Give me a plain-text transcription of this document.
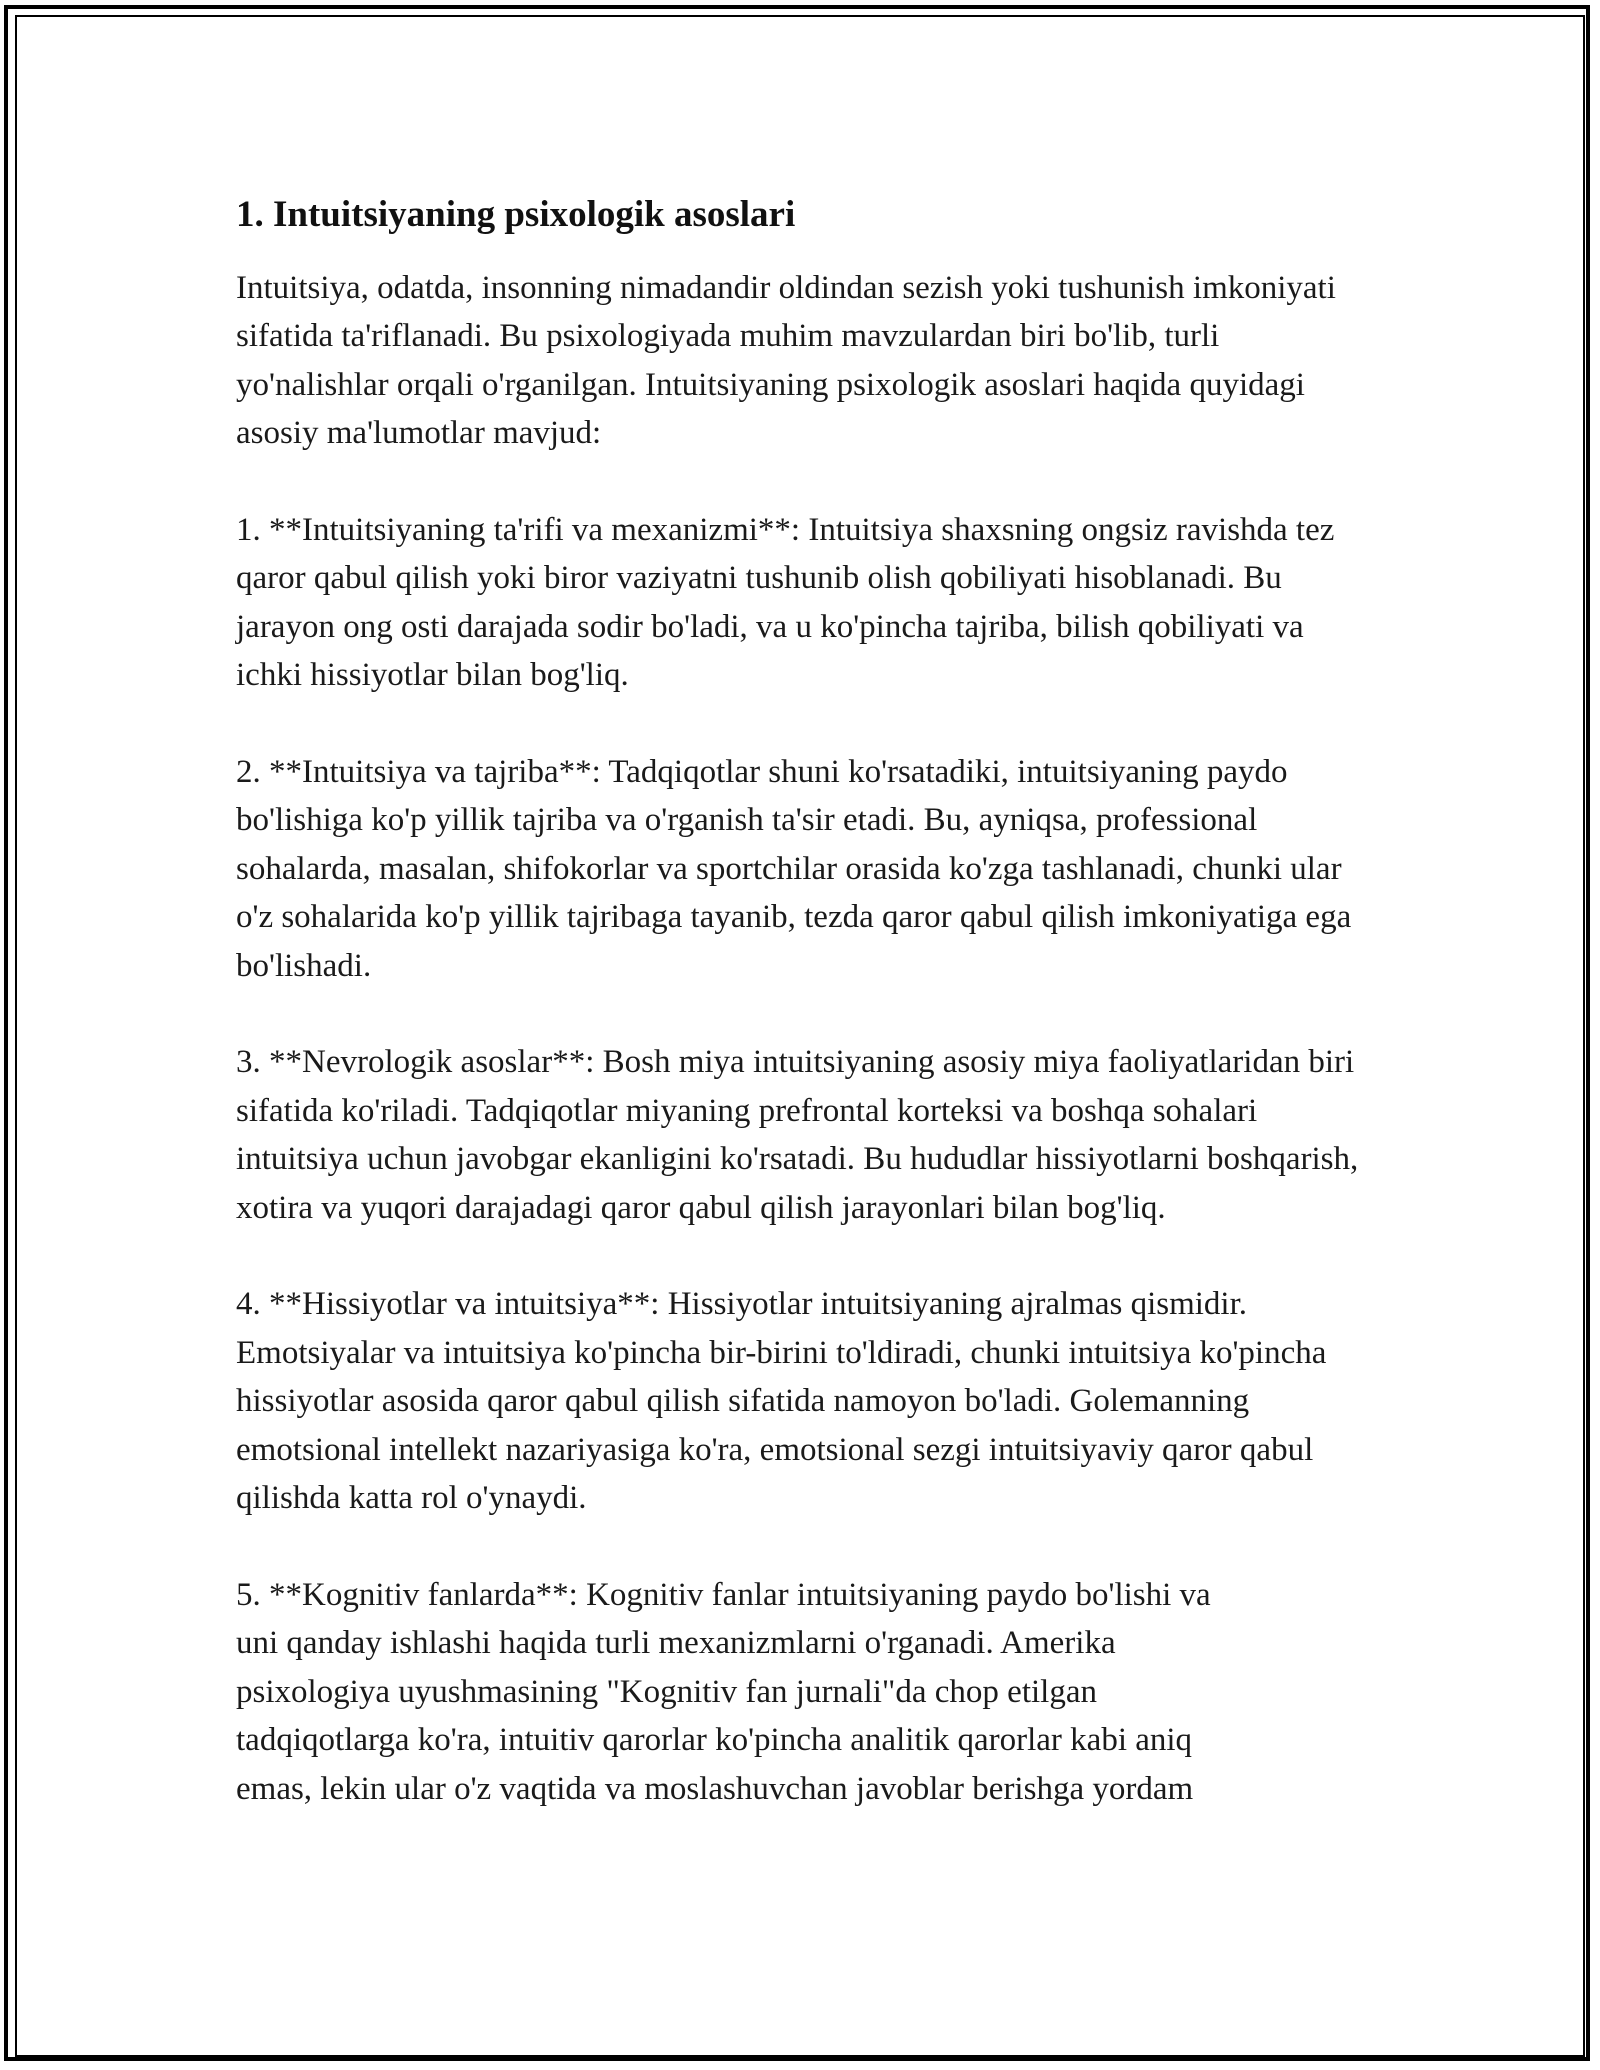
1. Intuitsiyaning psixologik asoslari

Intuitsiya, odatda, insonning nimadandir oldindan sezish yoki tushunish imkoniyati sifatida ta'riflanadi. Bu psixologiyada muhim mavzulardan biri bo'lib, turli yo'nalishlar orqali o'rganilgan. Intuitsiyaning psixologik asoslari haqida quyidagi asosiy ma'lumotlar mavjud:

1. **Intuitsiyaning ta'rifi va mexanizmi**: Intuitsiya shaxsning ongsiz ravishda tez qaror qabul qilish yoki biror vaziyatni tushunib olish qobiliyati hisoblanadi. Bu jarayon ong osti darajada sodir bo'ladi, va u ko'pincha tajriba, bilish qobiliyati va ichki hissiyotlar bilan bog'liq.

2. **Intuitsiya va tajriba**: Tadqiqotlar shuni ko'rsatadiki, intuitsiyaning paydo bo'lishiga ko'p yillik tajriba va o'rganish ta'sir etadi. Bu, ayniqsa, professional sohalarda, masalan, shifokorlar va sportchilar orasida ko'zga tashlanadi, chunki ular o'z sohalarida ko'p yillik tajribaga tayanib, tezda qaror qabul qilish imkoniyatiga ega bo'lishadi.

3. **Nevrologik asoslar**: Bosh miya intuitsiyaning asosiy miya faoliyatlaridan biri sifatida ko'riladi. Tadqiqotlar miyaning prefrontal korteksi va boshqa sohalari intuitsiya uchun javobgar ekanligini ko'rsatadi. Bu hududlar hissiyotlarni boshqarish, xotira va yuqori darajadagi qaror qabul qilish jarayonlari bilan bog'liq.

4. **Hissiyotlar va intuitsiya**: Hissiyotlar intuitsiyaning ajralmas qismidir. Emotsiyalar va intuitsiya ko'pincha bir-birini to'ldiradi, chunki intuitsiya ko'pincha hissiyotlar asosida qaror qabul qilish sifatida namoyon bo'ladi. Golemanning emotsional intellekt nazariyasiga ko'ra, emotsional sezgi intuitsiyaviy qaror qabul qilishda katta rol o'ynaydi.

5. **Kognitiv fanlarda**: Kognitiv fanlar intuitsiyaning paydo bo'lishi va
uni qanday ishlashi haqida turli mexanizmlarni o'rganadi. Amerika
psixologiya uyushmasining "Kognitiv fan jurnali"da chop etilgan
tadqiqotlarga ko'ra, intuitiv qarorlar ko'pincha analitik qarorlar kabi aniq
emas, lekin ular o'z vaqtida va moslashuvchan javoblar berishga yordam
